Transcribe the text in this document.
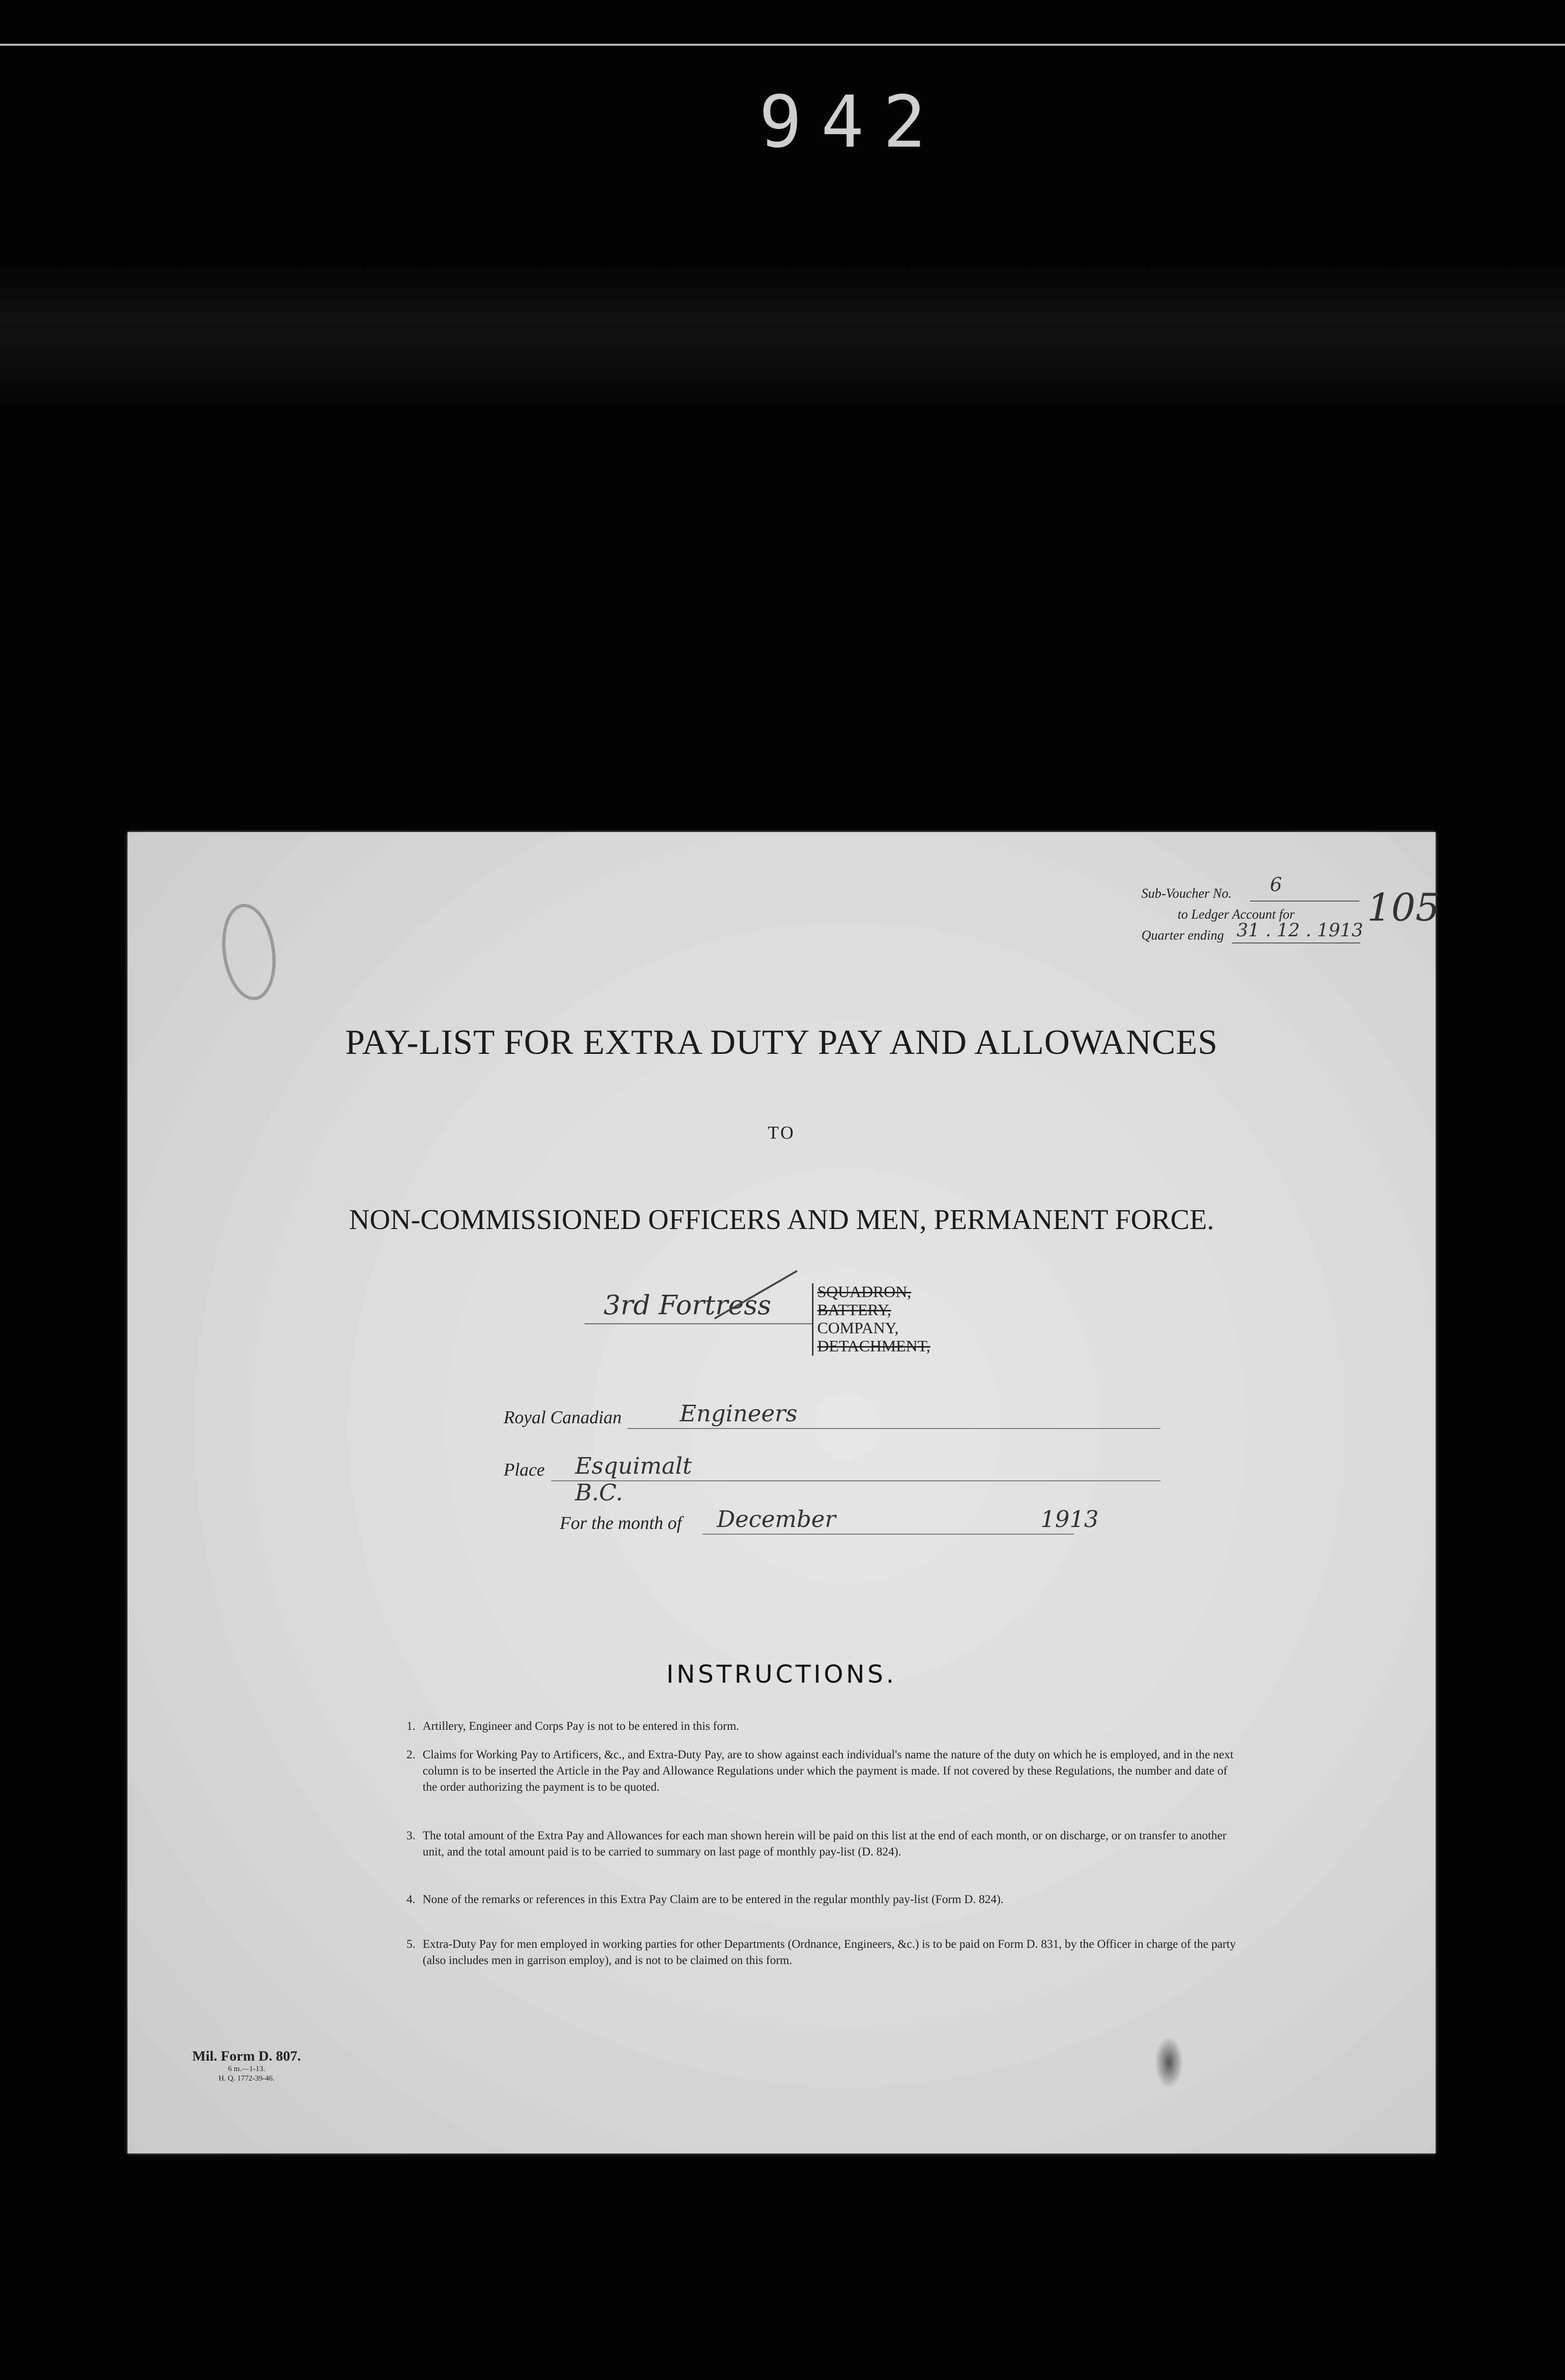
942
Sub-Voucher No. 6
to Ledger Account for
Quarter ending 31 . 12 . 1913
105
PAY-LIST FOR EXTRA DUTY PAY AND ALLOWANCES
TO
NON-COMMISSIONED OFFICERS AND MEN, PERMANENT FORCE.
3rd Fortress	SQUADRON,
BATTERY,
COMPANY,
DETACHMENT,
Royal Canadian	Engineers
Place Esquimalt B.C.
For the month of December	1913
INSTRUCTIONS.
1. Artillery, Engineer and Corps Pay is not to be entered in this form.
2. Claims for Working Pay to Artificers, &c., and Extra-Duty Pay, are to show against each individual's name the nature of the duty on which he is employed, and in the next column is to be inserted the Article in the Pay and Allowance Regulations under which the payment is made. If not covered by these Regulations, the number and date of the order authorizing the payment is to be quoted.
3. The total amount of the Extra Pay and Allowances for each man shown herein will be paid on this list at the end of each month, or on discharge, or on transfer to another unit, and the total amount paid is to be carried to summary on last page of monthly pay-list (D. 824).
4. None of the remarks or references in this Extra Pay Claim are to be entered in the regular monthly pay-list (Form D. 824).
5. Extra-Duty Pay for men employed in working parties for other Departments (Ordnance, Engineers, &c.) is to be paid on Form D. 831, by the Officer in charge of the party (also includes men in garrison employ), and is not to be claimed on this form.
Mil. Form D. 807.
6 m.—1-13.
H. Q. 1772-39-46.
